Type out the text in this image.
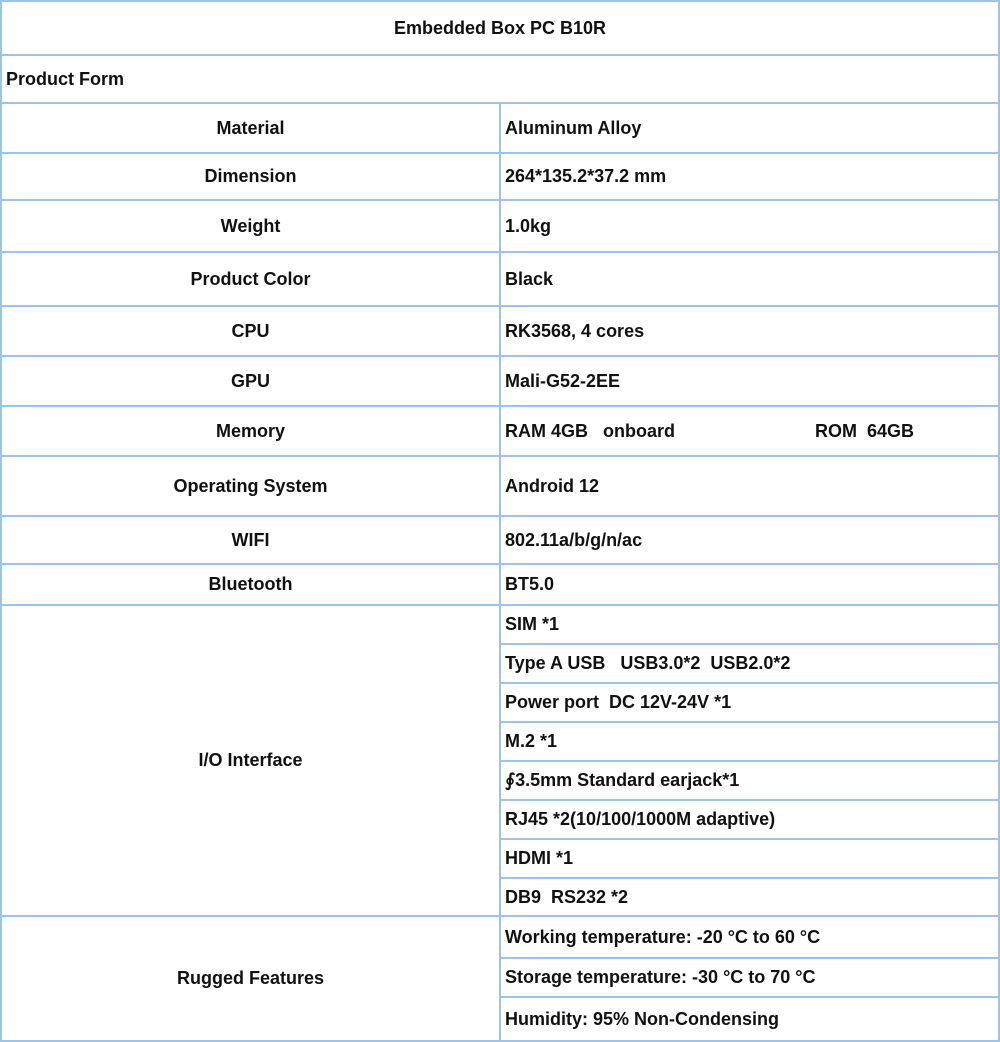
Embedded Box PC B10R	
Product Form	
Material	Aluminum Alloy
Dimension	264*135.2*37.2 mm
Weight	1.0kg
Product Color	Black
CPU	RK3568, 4 cores
GPU	Mali-G52-2EE
Memory	RAM 4GB   onboard ROM  64GB
Operating System	Android 12
WIFI	802.11a/b/g/n/ac
Bluetooth	BT5.0
I/O Interface	SIM *1
	Type A USB   USB3.0*2  USB2.0*2
	Power port  DC 12V-24V *1
	M.2 *1
	∮3.5mm Standard earjack*1
	RJ45 *2(10/100/1000M adaptive)
	HDMI *1
	DB9  RS232 *2
Rugged Features	Working temperature: -20 °C to 60 °C
	Storage temperature: -30 °C to 70 °C
	Humidity: 95% Non-Condensing
